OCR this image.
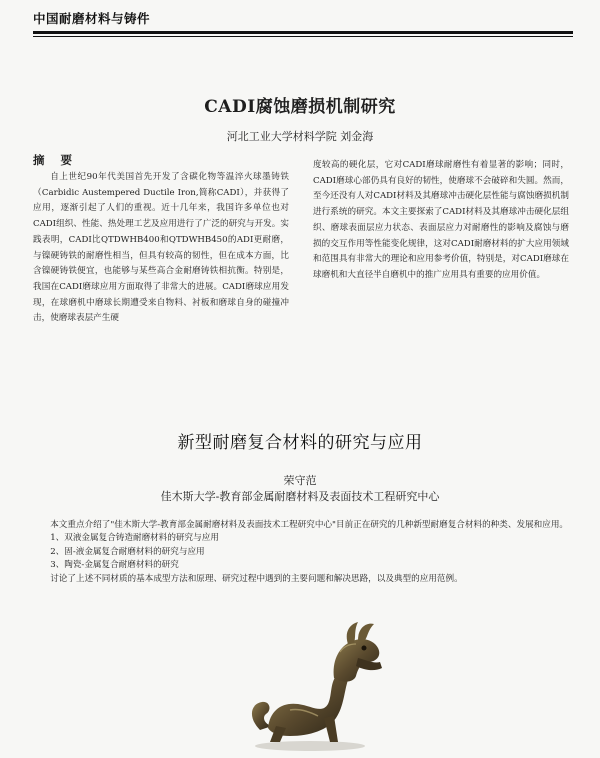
中国耐磨材料与铸件
CADI腐蚀磨损机制研究
河北工业大学材料学院 刘金海
摘 要
自上世纪90年代美国首先开发了含碳化物等温淬火球墨铸铁（Carbidic Austempered Ductile Iron,简称CADI），并获得了应用，逐渐引起了人们的重视。近十几年来，我国许多单位也对CADI组织、性能、热处理工艺及应用进行了广泛的研究与开发。实践表明，CADI比QTDWHB400和QTDWHB450的ADI更耐磨，与镍硬铸铁的耐磨性相当，但具有较高的韧性，但在成本方面，比含镍硬铸铁便宜，也能够与某些高合金耐磨铸铁相抗衡。特别是，我国在CADI磨球应用方面取得了非常大的进展。CADI磨球应用发现，在球磨机中磨球长期遭受来自物料、衬板和磨球自身的碰撞冲击，使磨球表层产生硬
度较高的硬化层，它对CADI磨球耐磨性有着显著的影响；同时，CADI磨球心部仍具有良好的韧性，使磨球不会破碎和失圆。然而，至今还没有人对CADI材料及其磨球冲击硬化层性能与腐蚀磨损机制进行系统的研究。本文主要探索了CADI材料及其磨球冲击硬化层组织、磨球表面层应力状态、表面层应力对耐磨性的影响及腐蚀与磨损的交互作用等性能变化规律，这对CADI耐磨材料的扩大应用领域和范围具有非常大的理论和应用参考价值，特别是，对CADI磨球在球磨机和大直径半自磨机中的推广应用具有重要的应用价值。
新型耐磨复合材料的研究与应用
荣守范
佳木斯大学-教育部金属耐磨材料及表面技术工程研究中心
本文重点介绍了"佳木斯大学-教育部金属耐磨材料及表面技术工程研究中心"目前正在研究的几种新型耐磨复合材料的种类、发展和应用。
1、双液金属复合铸造耐磨材料的研究与应用
2、固-液金属复合耐磨材料的研究与应用
3、陶瓷-金属复合耐磨材料的研究
讨论了上述不同材质的基本成型方法和原理、研究过程中遇到的主要问题和解决思路，以及典型的应用范例。
